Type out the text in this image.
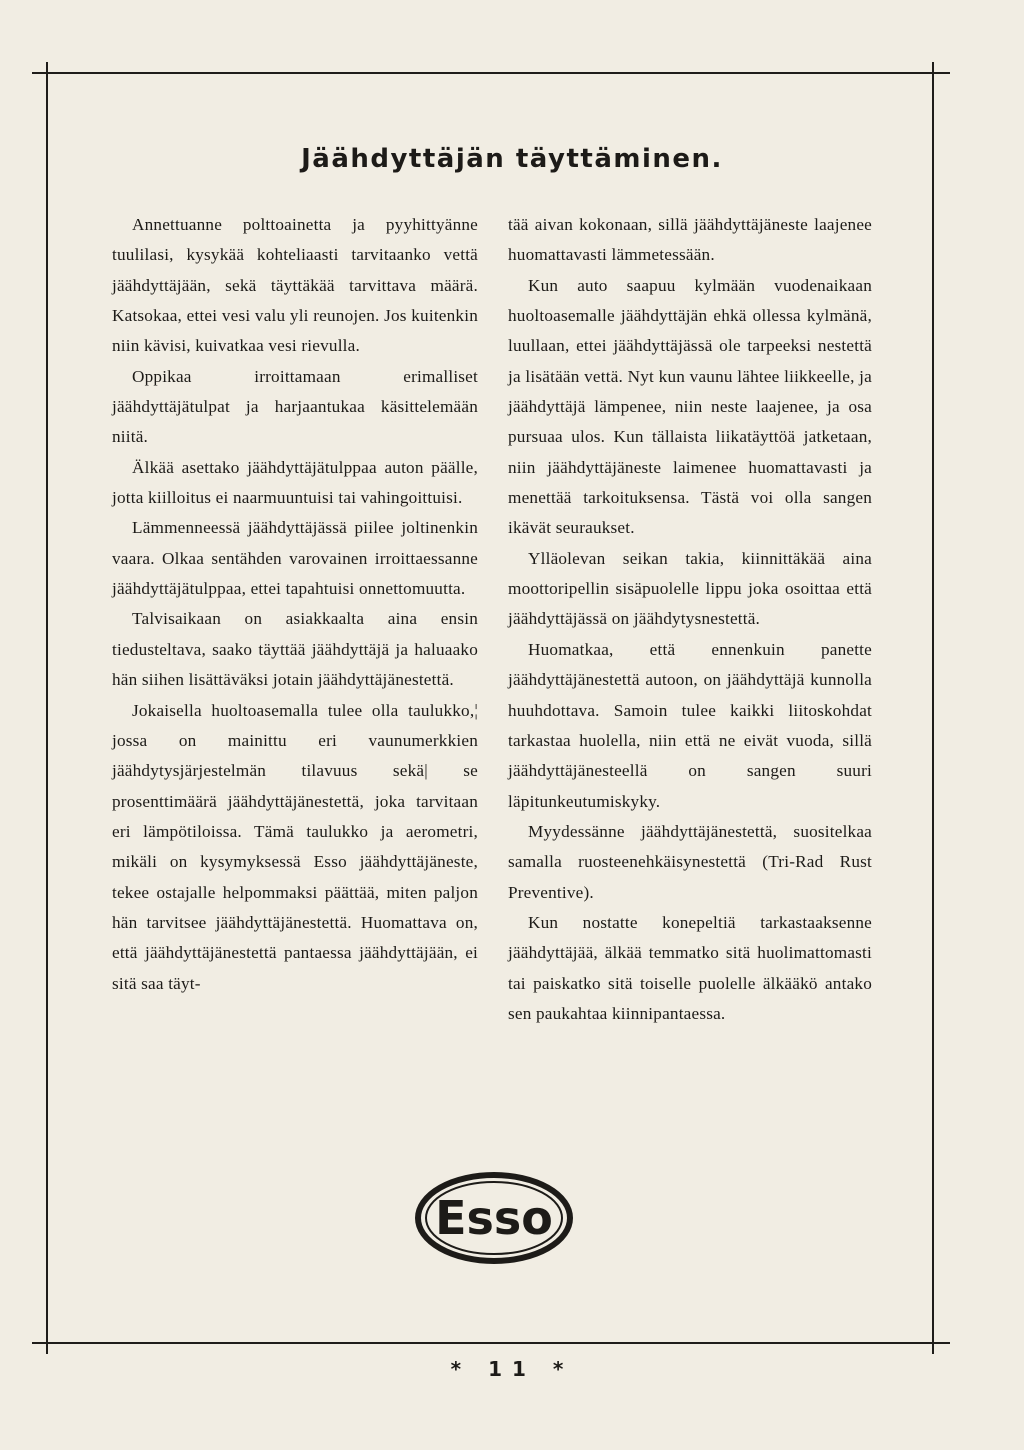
Jäähdyttäjän täyttäminen.

Annettuanne polttoainetta ja pyyhittyänne tuulilasi, kysykää kohteliaasti tarvitaanko vettä jäähdyttäjään, sekä täyttäkää tarvittava määrä. Katsokaa, ettei vesi valu yli reunojen. Jos kuitenkin niin kävisi, kuivatkaa vesi rievulla.

Oppikaa irroittamaan erimalliset jäähdyttäjätulpat ja harjaantukaa käsittelemään niitä.

Älkää asettako jäähdyttäjätulppaa auton päälle, jotta kiilloitus ei naarmuuntuisi tai vahingoittuisi.

Lämmenneessä jäähdyttäjässä piilee joltinenkin vaara. Olkaa sentähden varovainen irroittaessanne jäähdyttäjätulppaa, ettei tapahtuisi onnettomuutta.

Talvisaikaan on asiakkaalta aina ensin tiedusteltava, saako täyttää jäähdyttäjä ja haluaako hän siihen lisättäväksi jotain jäähdyttäjänestettä.

Jokaisella huoltoasemalla tulee olla taulukko,¦ jossa on mainittu eri vaunumerkkien jäähdytysjärjestelmän tilavuus sekä| se prosenttimäärä jäähdyttäjänestettä, joka tarvitaan eri lämpötiloissa. Tämä taulukko ja aerometri, mikäli on kysymyksessä Esso jäähdyttäjäneste, tekee ostajalle helpommaksi päättää, miten paljon hän tarvitsee jäähdyttäjänestettä. Huomattava on, että jäähdyttäjänestettä pantaessa jäähdyttäjään, ei sitä saa täyt-

tää aivan kokonaan, sillä jäähdyttäjäneste laajenee huomattavasti lämmetessään.

Kun auto saapuu kylmään vuodenaikaan huoltoasemalle jäähdyttäjän ehkä ollessa kylmänä, luullaan, ettei jäähdyttäjässä ole tarpeeksi nestettä ja lisätään vettä. Nyt kun vaunu lähtee liikkeelle, ja jäähdyttäjä lämpenee, niin neste laajenee, ja osa pursuaa ulos. Kun tällaista liikatäyttöä jatketaan, niin jäähdyttäjäneste laimenee huomattavasti ja menettää tarkoituksensa. Tästä voi olla sangen ikävät seuraukset.

Ylläolevan seikan takia, kiinnittäkää aina moottoripellin sisäpuolelle lippu joka osoittaa että jäähdyttäjässä on jäähdytysnestettä.

Huomatkaa, että ennenkuin panette jäähdyttäjänestettä autoon, on jäähdyttäjä kunnolla huuhdottava. Samoin tulee kaikki liitoskohdat tarkastaa huolella, niin että ne eivät vuoda, sillä jäähdyttäjänesteellä on sangen suuri läpitunkeutumiskyky.

Myydessänne jäähdyttäjänestettä, suositelkaa samalla ruosteenehkäisynestettä (Tri-Rad Rust Preventive).

Kun nostatte konepeltiä tarkastaaksenne jäähdyttäjää, älkää temmatko sitä huolimattomasti tai paiskatko sitä toiselle puolelle älkääkö antako sen paukahtaa kiinnipantaessa.

Esso
* 11 *
